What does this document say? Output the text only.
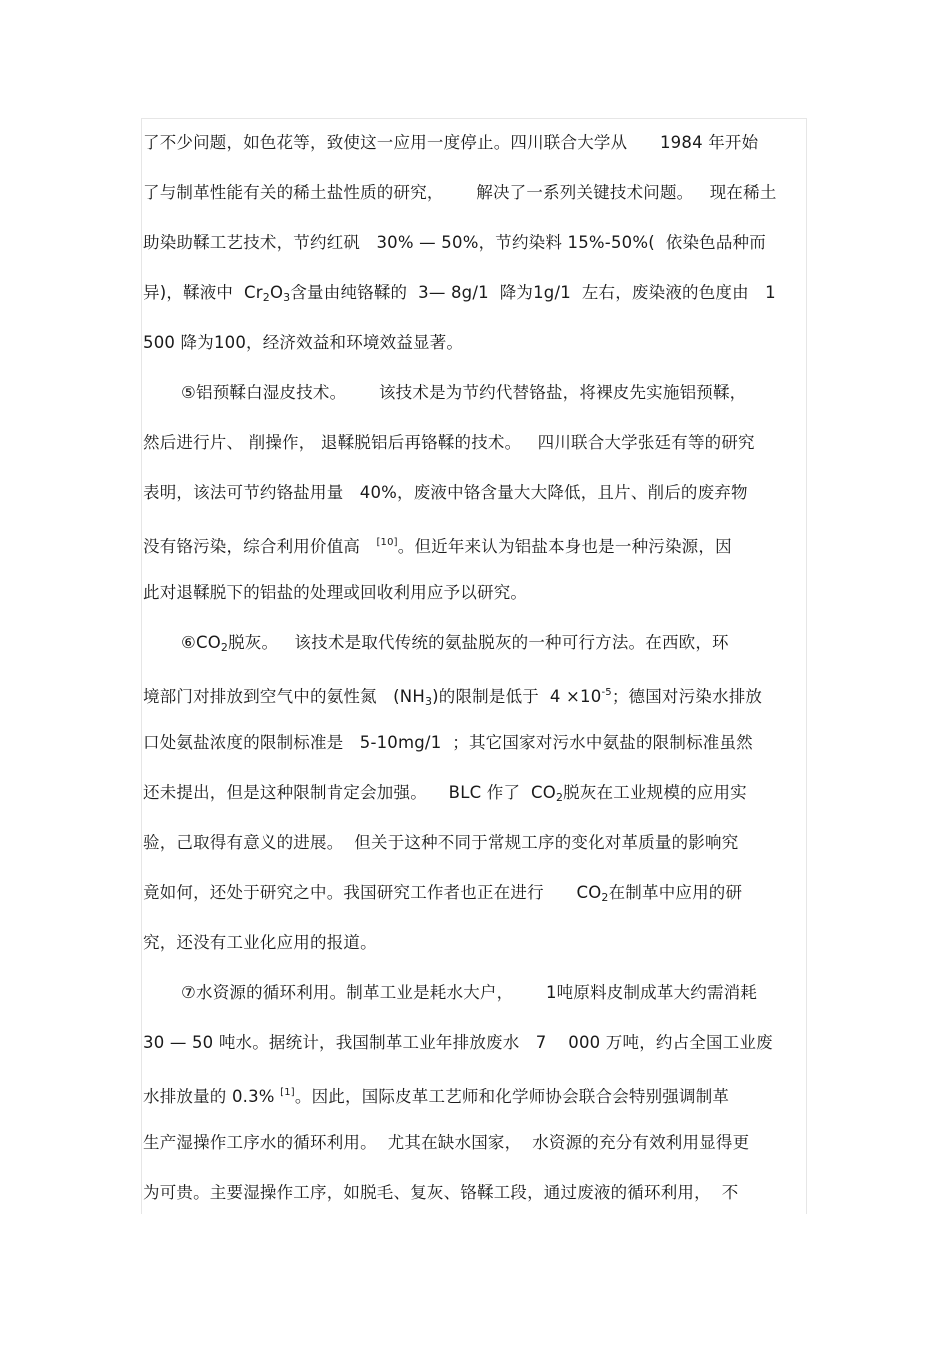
了不少问题，如色花等，致使这一应用一度停止。四川联合大学从      1984 年开始
了与制革性能有关的稀土盐性质的研究，      解决了一系列关键技术问题。   现在稀土
助染助鞣工艺技术，节约红矾   30% — 50%，节约染料 15%-50%(  依染色品种而
异)，鞣液中  $Cr_2O_3$含量由纯铬鞣的  3— 8g/1  降为1g/1  左右，废染液的色度由   1
500 降为100，经济效益和环境效益显著。
⑤铝预鞣白湿皮技术。      该技术是为节约代替铬盐，将裸皮先实施铝预鞣，
然后进行片、 削操作， 退鞣脱铝后再铬鞣的技术。   四川联合大学张廷有等的研究
表明，该法可节约铬盐用量   40%，废液中铬含量大大降低，且片、削后的废弃物
没有铬污染，综合利用价值高 [10]。但近年来认为铝盐本身也是一种污染源，因
此对退鞣脱下的铝盐的处理或回收利用应予以研究。
$⑥CO_2$脱灰。   该技术是取代传统的氨盐脱灰的一种可行方法。在西欧，环
境部门对排放到空气中的氨性氮   $(NH_3)$的限制是低于  $4 \times 10^{-5}$；德国对污染水排放
口处氨盐浓度的限制标准是   5-10mg/1  ；其它国家对污水中氨盐的限制标准虽然
还未提出，但是这种限制肯定会加强。    BLC 作了  $CO_2$脱灰在工业规模的应用实
验，己取得有意义的进展。  但关于这种不同于常规工序的变化对革质量的影响究
竟如何，还处于研究之中。我国研究工作者也正在进行      $CO_2$在制革中应用的研
究，还没有工业化应用的报道。
⑦水资源的循环利用。制革工业是耗水大户，      1吨原料皮制成革大约需消耗
30 — 50 吨水。据统计，我国制革工业年排放废水   7    000 万吨，约占全国工业废
水排放量的 0.3% [1]。因此，国际皮革工艺师和化学师协会联合会特别强调制革
生产湿操作工序水的循环利用。  尤其在缺水国家，  水资源的充分有效利用显得更
为可贵。主要湿操作工序，如脱毛、复灰、铬鞣工段，通过废液的循环利用，  不
